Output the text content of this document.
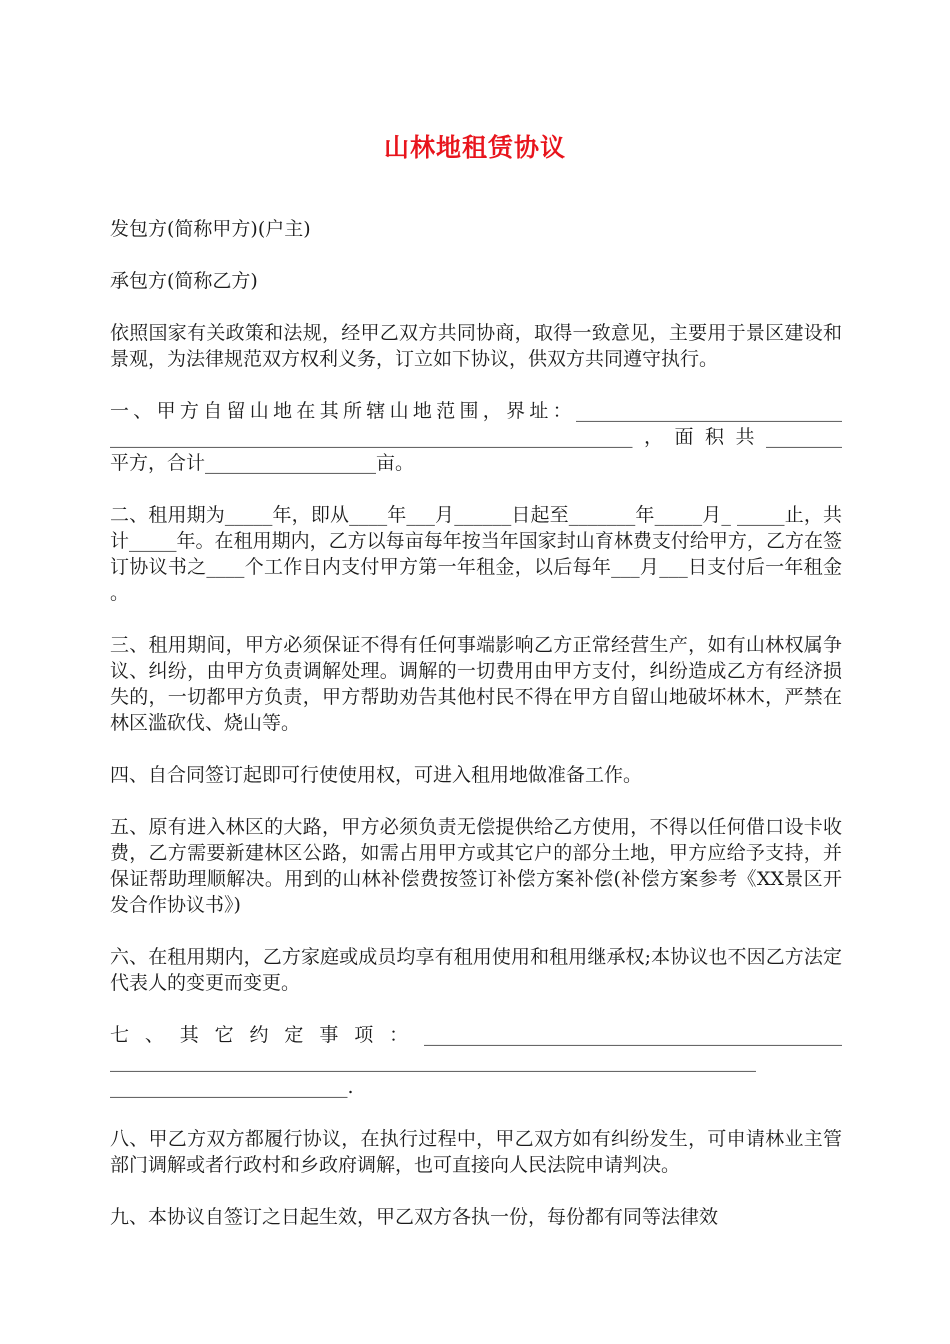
山林地租赁协议

发包方(简称甲方)(户主)

承包方(简称乙方)

依照国家有关政策和法规，经甲乙双方共同协商，取得一致意见，主要用于景区建设和景观，为法律规范双方权利义务，订立如下协议，供双方共同遵守执行。

一、甲方自留山地在其所辖山地范围，界址：____________________________
_______________________________________________________，面积共________
平方，合计__________________亩。

二、租用期为_____年，即从____年___月______日起至_______年_____月_ _____止，共计_____年。在租用期内，乙方以每亩每年按当年国家封山育林费支付给甲方，乙方在签订协议书之____个工作日内支付甲方第一年租金，以后每年___月___日支付后一年租金。

三、租用期间，甲方必须保证不得有任何事端影响乙方正常经营生产，如有山林权属争议、纠纷，由甲方负责调解处理。调解的一切费用由甲方支付，纠纷造成乙方有经济损失的，一切都甲方负责，甲方帮助劝告其他村民不得在甲方自留山地破坏林木，严禁在林区滥砍伐、烧山等。

四、自合同签订起即可行使使用权，可进入租用地做准备工作。

五、原有进入林区的大路，甲方必须负责无偿提供给乙方使用，不得以任何借口设卡收费，乙方需要新建林区公路，如需占用甲方或其它户的部分土地，甲方应给予支持，并保证帮助理顺解决。用到的山林补偿费按签订补偿方案补偿(补偿方案参考《XX景区开发合作协议书》)

六、在租用期内，乙方家庭或成员均享有租用使用和租用继承权;本协议也不因乙方法定代表人的变更而变更。

七、其它约定事项：____________________________________________
____________________________________________________________________
_________________________.

八、甲乙方双方都履行协议，在执行过程中，甲乙双方如有纠纷发生，可申请林业主管部门调解或者行政村和乡政府调解，也可直接向人民法院申请判决。

九、本协议自签订之日起生效，甲乙双方各执一份，每份都有同等法律效
